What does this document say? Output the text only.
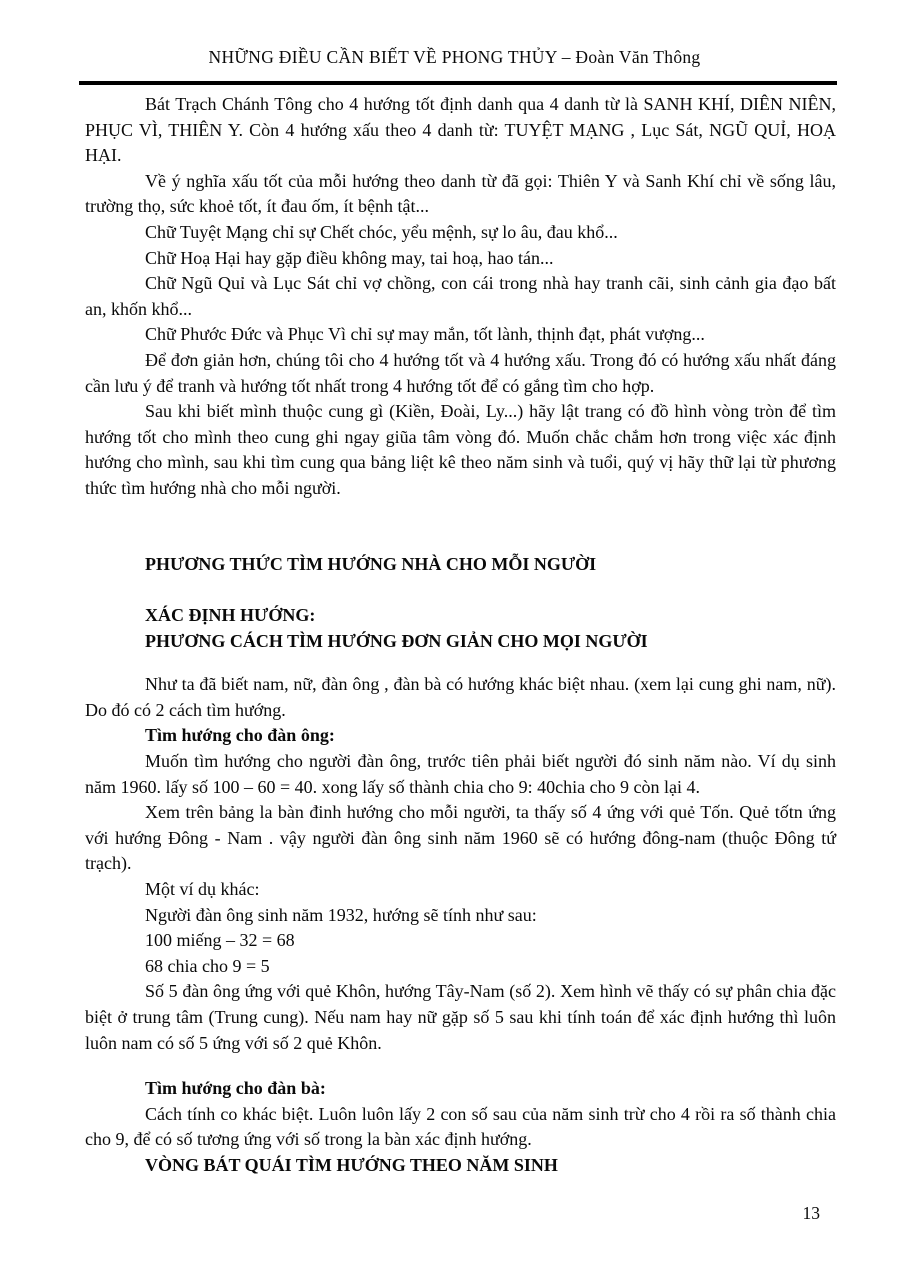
NHỮNG ĐIỀU CẦN BIẾT VỀ PHONG THỦY – Đoàn Văn Thông

Bát Trạch Chánh Tông cho 4 hướng tốt định danh qua 4 danh từ là SANH KHÍ, DIÊN NIÊN, PHỤC VÌ, THIÊN Y. Còn 4 hướng xấu theo 4 danh từ: TUYỆT MẠNG , Lục Sát, NGŨ QUỈ, HOẠ HẠI.

Về ý nghĩa xấu tốt của mỗi hướng theo danh từ đã gọi: Thiên Y và Sanh Khí chỉ về sống lâu, trường thọ, sức khoẻ tốt, ít đau ốm, ít bệnh tật...

Chữ Tuyệt Mạng chỉ sự Chết chóc, yểu mệnh, sự lo âu, đau khổ...

Chữ Hoạ Hại hay gặp điều không may, tai hoạ, hao tán...

Chữ Ngũ Quỉ và Lục Sát chỉ vợ chồng, con cái trong nhà hay tranh cãi, sinh cảnh gia đạo bất an, khốn khổ...

Chữ Phước Đức và Phục Vì chỉ sự may mắn, tốt lành, thịnh đạt, phát vượng...

Để đơn giản hơn, chúng tôi cho 4 hướng tốt và 4 hướng xấu. Trong đó có hướng xấu nhất đáng cần lưu ý để tranh và hướng tốt nhất trong 4 hướng tốt để có gắng tìm cho hợp.

Sau khi biết mình thuộc cung gì (Kiền, Đoài, Ly...) hãy lật trang có đồ hình vòng tròn để tìm hướng tốt cho mình theo cung ghi ngay giũa tâm vòng đó. Muốn chắc chắm hơn trong việc xác định hướng cho mình, sau khi tìm cung qua bảng liệt kê theo năm sinh và tuổi, quý vị hãy thữ lại từ phương thức tìm hướng nhà cho mỗi người.

PHƯƠNG THỨC TÌM HƯỚNG NHÀ CHO MỖI NGƯỜI

XÁC ĐỊNH HƯỚNG:

PHƯƠNG CÁCH TÌM HƯỚNG ĐƠN GIẢN CHO MỌI NGƯỜI

Như ta đã biết nam, nữ, đàn ông , đàn bà có hướng khác biệt nhau. (xem lại cung ghi nam, nữ). Do đó có 2 cách tìm hướng.

Tìm hướng cho đàn ông:

Muốn tìm hướng cho người đàn ông, trước tiên phải biết người đó sinh năm nào. Ví dụ sinh năm 1960. lấy số 100 – 60 = 40. xong lấy số thành chia cho 9: 40chia cho 9 còn lại 4.

Xem trên bảng la bàn đinh hướng cho mỗi người, ta thấy số 4 ứng với quẻ Tốn. Quẻ tốtn ứng với hướng Đông - Nam . vậy người đàn ông sinh năm 1960 sẽ có hướng đông-nam (thuộc Đông tứ trạch).

Một ví dụ khác:

Người đàn ông sinh năm 1932, hướng sẽ tính như sau:

100 miếng – 32 = 68

68 chia cho 9 = 5

Số 5 đàn ông ứng với quẻ Khôn, hướng Tây-Nam (số 2). Xem hình vẽ thấy có sự phân chia đặc biệt ở trung tâm (Trung cung). Nếu nam hay nữ gặp số 5 sau khi tính toán để xác định hướng thì luôn luôn nam có số 5 ứng với số 2 quẻ Khôn.

Tìm hướng cho đàn bà:

Cách tính co khác biệt. Luôn luôn lấy 2 con số sau của năm sinh trừ cho 4 rồi ra số thành chia cho 9, để có số tương ứng với số trong la bàn xác định hướng.

VÒNG BÁT QUÁI TÌM HƯỚNG THEO NĂM SINH

13
